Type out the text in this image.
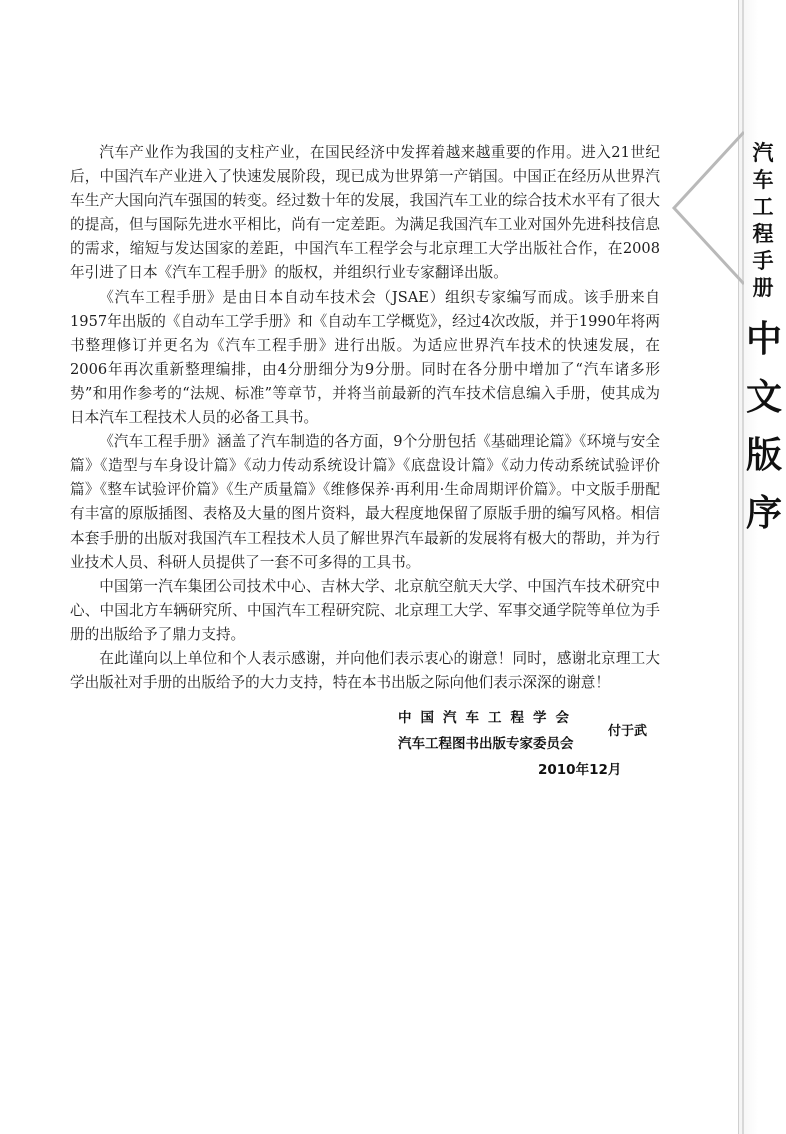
汽
车
工
程
手
册
中
文
版
序

汽车产业作为我国的支柱产业，在国民经济中发挥着越来越重要的作用。进入21世纪后，中国汽车产业进入了快速发展阶段，现已成为世界第一产销国。中国正在经历从世界汽车生产大国向汽车强国的转变。经过数十年的发展，我国汽车工业的综合技术水平有了很大的提高，但与国际先进水平相比，尚有一定差距。为满足我国汽车工业对国外先进科技信息的需求，缩短与发达国家的差距，中国汽车工程学会与北京理工大学出版社合作，在2008年引进了日本《汽车工程手册》的版权，并组织行业专家翻译出版。

《汽车工程手册》是由日本自动车技术会（JSAE）组织专家编写而成。该手册来自1957年出版的《自动车工学手册》和《自动车工学概览》，经过4次改版，并于1990年将两书整理修订并更名为《汽车工程手册》进行出版。为适应世界汽车技术的快速发展，在2006年再次重新整理编排，由4分册细分为9分册。同时在各分册中增加了“汽车诸多形势”和用作参考的“法规、标准”等章节，并将当前最新的汽车技术信息编入手册，使其成为日本汽车工程技术人员的必备工具书。

《汽车工程手册》涵盖了汽车制造的各方面，9个分册包括《基础理论篇》《环境与安全篇》《造型与车身设计篇》《动力传动系统设计篇》《底盘设计篇》《动力传动系统试验评价篇》《整车试验评价篇》《生产质量篇》《维修保养·再利用·生命周期评价篇》。中文版手册配有丰富的原版插图、表格及大量的图片资料，最大程度地保留了原版手册的编写风格。相信本套手册的出版对我国汽车工程技术人员了解世界汽车最新的发展将有极大的帮助，并为行业技术人员、科研人员提供了一套不可多得的工具书。

中国第一汽车集团公司技术中心、吉林大学、北京航空航天大学、中国汽车技术研究中心、中国北方车辆研究所、中国汽车工程研究院、北京理工大学、军事交通学院等单位为手册的出版给予了鼎力支持。

在此谨向以上单位和个人表示感谢，并向他们表示衷心的谢意！同时，感谢北京理工大学出版社对手册的出版给予的大力支持，特在本书出版之际向他们表示深深的谢意！

中国汽车工程学会
汽车工程图书出版专家委员会
付于武
2010年12月
